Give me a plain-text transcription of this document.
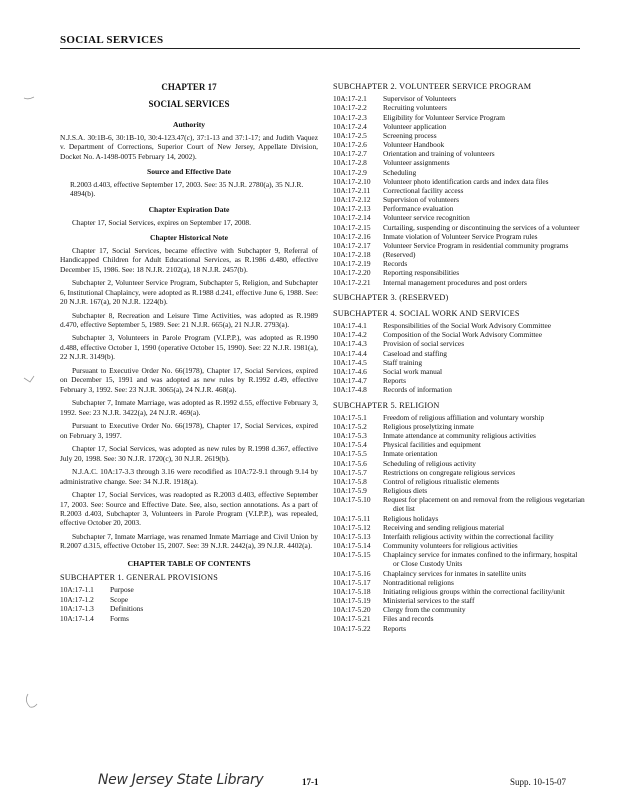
SOCIAL SERVICES
CHAPTER 17
SOCIAL SERVICES
Authority

N.J.S.A. 30:1B-6, 30:1B-10, 30:4-123.47(c), 37:1-13 and 37:1-17; and Judith Vaquez v. Department of Corrections, Superior Court of New Jersey, Appellate Division, Docket No. A-1498-00T5 February 14, 2002).

Source and Effective Date

R.2003 d.403, effective September 17, 2003. See: 35 N.J.R. 2780(a), 35 N.J.R. 4894(b).

Chapter Expiration Date

Chapter 17, Social Services, expires on September 17, 2008.

Chapter Historical Note

Chapter 17, Social Services, became effective with Subchapter 9, Referral of Handicapped Children for Adult Educational Services, as R.1986 d.480, effective December 15, 1986. See: 18 N.J.R. 2102(a), 18 N.J.R. 2457(b).

Subchapter 2, Volunteer Service Program, Subchapter 5, Religion, and Subchapter 6, Institutional Chaplaincy, were adopted as R.1988 d.241, effective June 6, 1988. See: 20 N.J.R. 167(a), 20 N.J.R. 1224(b).

Subchapter 8, Recreation and Leisure Time Activities, was adopted as R.1989 d.470, effective September 5, 1989. See: 21 N.J.R. 665(a), 21 N.J.R. 2793(a).

Subchapter 3, Volunteers in Parole Program (V.I.P.P.), was adopted as R.1990 d.488, effective October 1, 1990 (operative October 15, 1990). See: 22 N.J.R. 1981(a), 22 N.J.R. 3149(b).

Pursuant to Executive Order No. 66(1978), Chapter 17, Social Services, expired on December 15, 1991 and was adopted as new rules by R.1992 d.49, effective February 3, 1992. See: 23 N.J.R. 3065(a), 24 N.J.R. 468(a).

Subchapter 7, Inmate Marriage, was adopted as R.1992 d.55, effective February 3, 1992. See: 23 N.J.R. 3422(a), 24 N.J.R. 469(a).

Pursuant to Executive Order No. 66(1978), Chapter 17, Social Services, expired on February 3, 1997.

Chapter 17, Social Services, was adopted as new rules by R.1998 d.367, effective July 20, 1998. See: 30 N.J.R. 1720(c), 30 N.J.R. 2619(b).

N.J.A.C. 10A:17-3.3 through 3.16 were recodified as 10A:72-9.1 through 9.14 by administrative change. See: 34 N.J.R. 1918(a).

Chapter 17, Social Services, was readopted as R.2003 d.403, effective September 17, 2003. See: Source and Effective Date. See, also, section annotations. As a part of R.2003 d.403, Subchapter 3, Volunteers in Parole Program (V.I.P.P.), was repealed, effective October 20, 2003.

Subchapter 7, Inmate Marriage, was renamed Inmate Marriage and Civil Union by R.2007 d.315, effective October 15, 2007. See: 39 N.J.R. 2442(a), 39 N.J.R. 4402(a).

CHAPTER TABLE OF CONTENTS
SUBCHAPTER 1. GENERAL PROVISIONS
10A:17-1.1	Purpose
10A:17-1.2	Scope
10A:17-1.3	Definitions
10A:17-1.4	Forms
SUBCHAPTER 2. VOLUNTEER SERVICE PROGRAM
10A:17-2.1	Supervisor of Volunteers
10A:17-2.2	Recruiting volunteers
10A:17-2.3	Eligibility for Volunteer Service Program
10A:17-2.4	Volunteer application
10A:17-2.5	Screening process
10A:17-2.6	Volunteer Handbook
10A:17-2.7	Orientation and training of volunteers
10A:17-2.8	Volunteer assignments
10A:17-2.9	Scheduling
10A:17-2.10	Volunteer photo identification cards and index data files
10A:17-2.11	Correctional facility access
10A:17-2.12	Supervision of volunteers
10A:17-2.13	Performance evaluation
10A:17-2.14	Volunteer service recognition
10A:17-2.15	Curtailing, suspending or discontinuing the services of a volunteer
10A:17-2.16	Inmate violation of Volunteer Service Program rules
10A:17-2.17	Volunteer Service Program in residential community programs
10A:17-2.18	(Reserved)
10A:17-2.19	Records
10A:17-2.20	Reporting responsibilities
10A:17-2.21	Internal management procedures and post orders
SUBCHAPTER 3. (RESERVED)
SUBCHAPTER 4. SOCIAL WORK AND SERVICES
10A:17-4.1	Responsibilities of the Social Work Advisory Committee
10A:17-4.2	Composition of the Social Work Advisory Committee
10A:17-4.3	Provision of social services
10A:17-4.4	Caseload and staffing
10A:17-4.5	Staff training
10A:17-4.6	Social work manual
10A:17-4.7	Reports
10A:17-4.8	Records of information
SUBCHAPTER 5. RELIGION
10A:17-5.1	Freedom of religious affiliation and voluntary worship
10A:17-5.2	Religious proselytizing inmate
10A:17-5.3	Inmate attendance at community religious activities
10A:17-5.4	Physical facilities and equipment
10A:17-5.5	Inmate orientation
10A:17-5.6	Scheduling of religious activity
10A:17-5.7	Restrictions on congregate religious services
10A:17-5.8	Control of religious ritualistic elements
10A:17-5.9	Religious diets
10A:17-5.10	Request for placement on and removal from the religious vegetarian diet list
10A:17-5.11	Religious holidays
10A:17-5.12	Receiving and sending religious material
10A:17-5.13	Interfaith religious activity within the correctional facility
10A:17-5.14	Community volunteers for religious activities
10A:17-5.15	Chaplaincy service for inmates confined to the infirmary, hospital or Close Custody Units
10A:17-5.16	Chaplaincy services for inmates in satellite units
10A:17-5.17	Nontraditional religions
10A:17-5.18	Initiating religious groups within the correctional facility/unit
10A:17-5.19	Ministerial services to the staff
10A:17-5.20	Clergy from the community
10A:17-5.21	Files and records
10A:17-5.22	Reports
New Jersey State Library	17-1	Supp. 10-15-07
